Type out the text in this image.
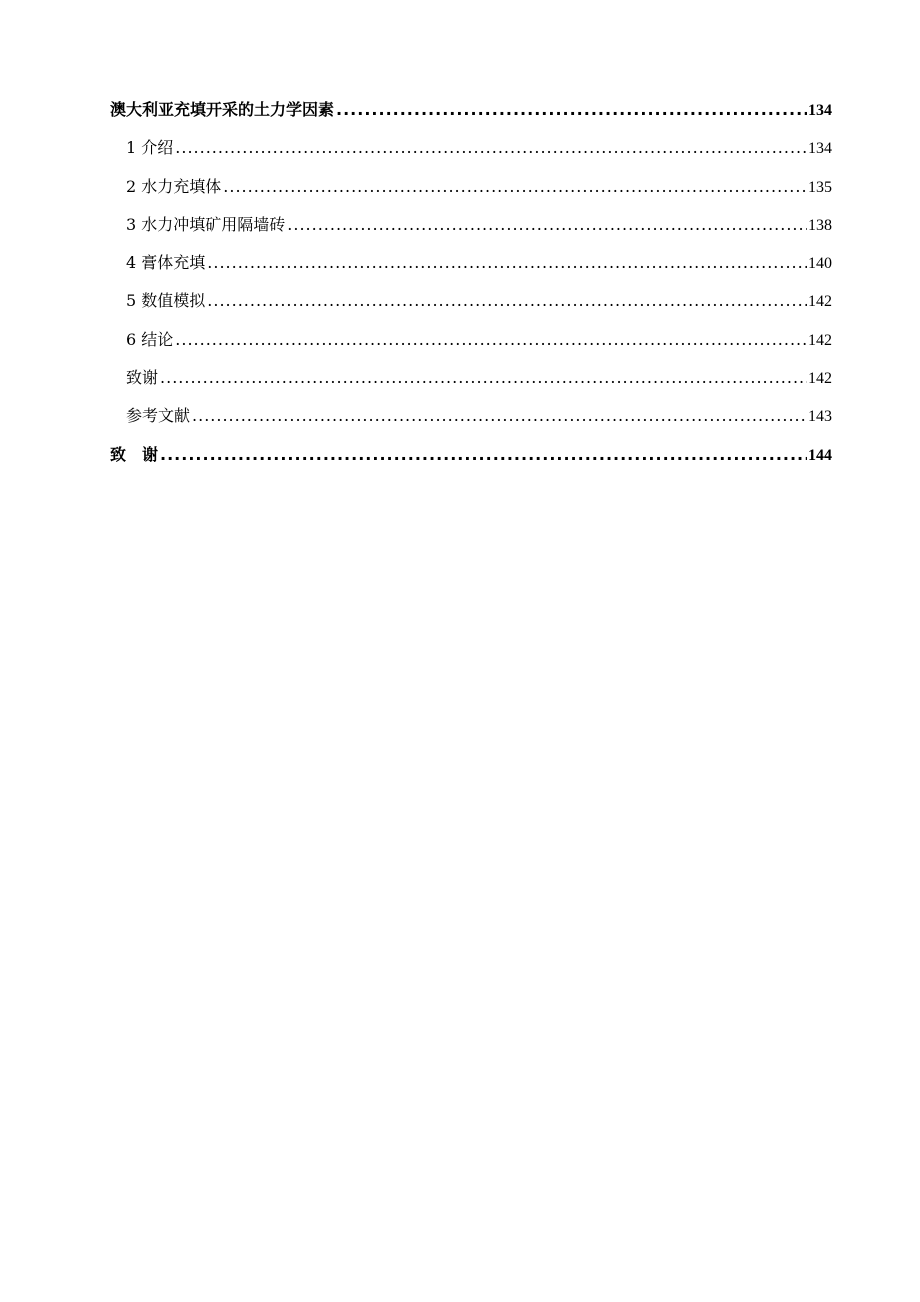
澳大利亚充填开采的土力学因素 .....	134
1 介绍 .....	134
2 水力充填体 .....	135
3 水力冲填矿用隔墙砖 .....	138
4 膏体充填 .....	140
5 数值模拟 .....	142
6 结论 .....	142
致谢 .....	142
参考文献 .....	143
致　谢 .....	144
